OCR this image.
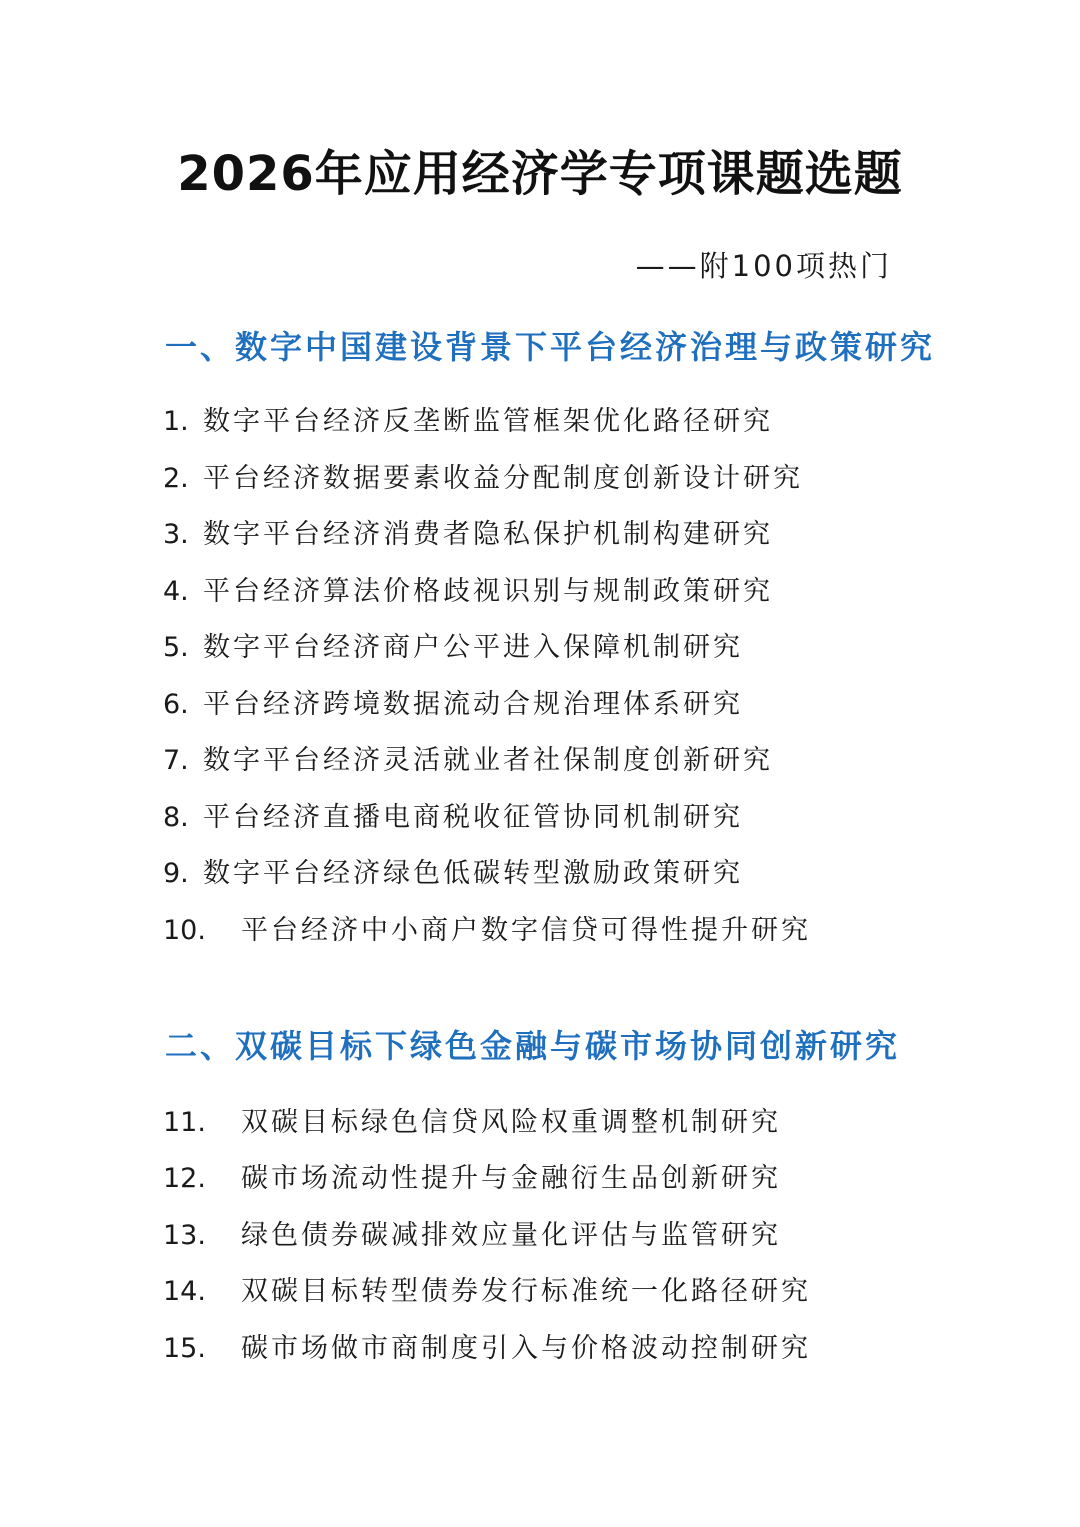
2026年应用经济学专项课题选题
——附100项热门
一、数字中国建设背景下平台经济治理与政策研究
1. 数字平台经济反垄断监管框架优化路径研究
2. 平台经济数据要素收益分配制度创新设计研究
3. 数字平台经济消费者隐私保护机制构建研究
4. 平台经济算法价格歧视识别与规制政策研究
5. 数字平台经济商户公平进入保障机制研究
6. 平台经济跨境数据流动合规治理体系研究
7. 数字平台经济灵活就业者社保制度创新研究
8. 平台经济直播电商税收征管协同机制研究
9. 数字平台经济绿色低碳转型激励政策研究
10. 平台经济中小商户数字信贷可得性提升研究
二、双碳目标下绿色金融与碳市场协同创新研究
11. 双碳目标绿色信贷风险权重调整机制研究
12. 碳市场流动性提升与金融衍生品创新研究
13. 绿色债券碳减排效应量化评估与监管研究
14. 双碳目标转型债券发行标准统一化路径研究
15. 碳市场做市商制度引入与价格波动控制研究
